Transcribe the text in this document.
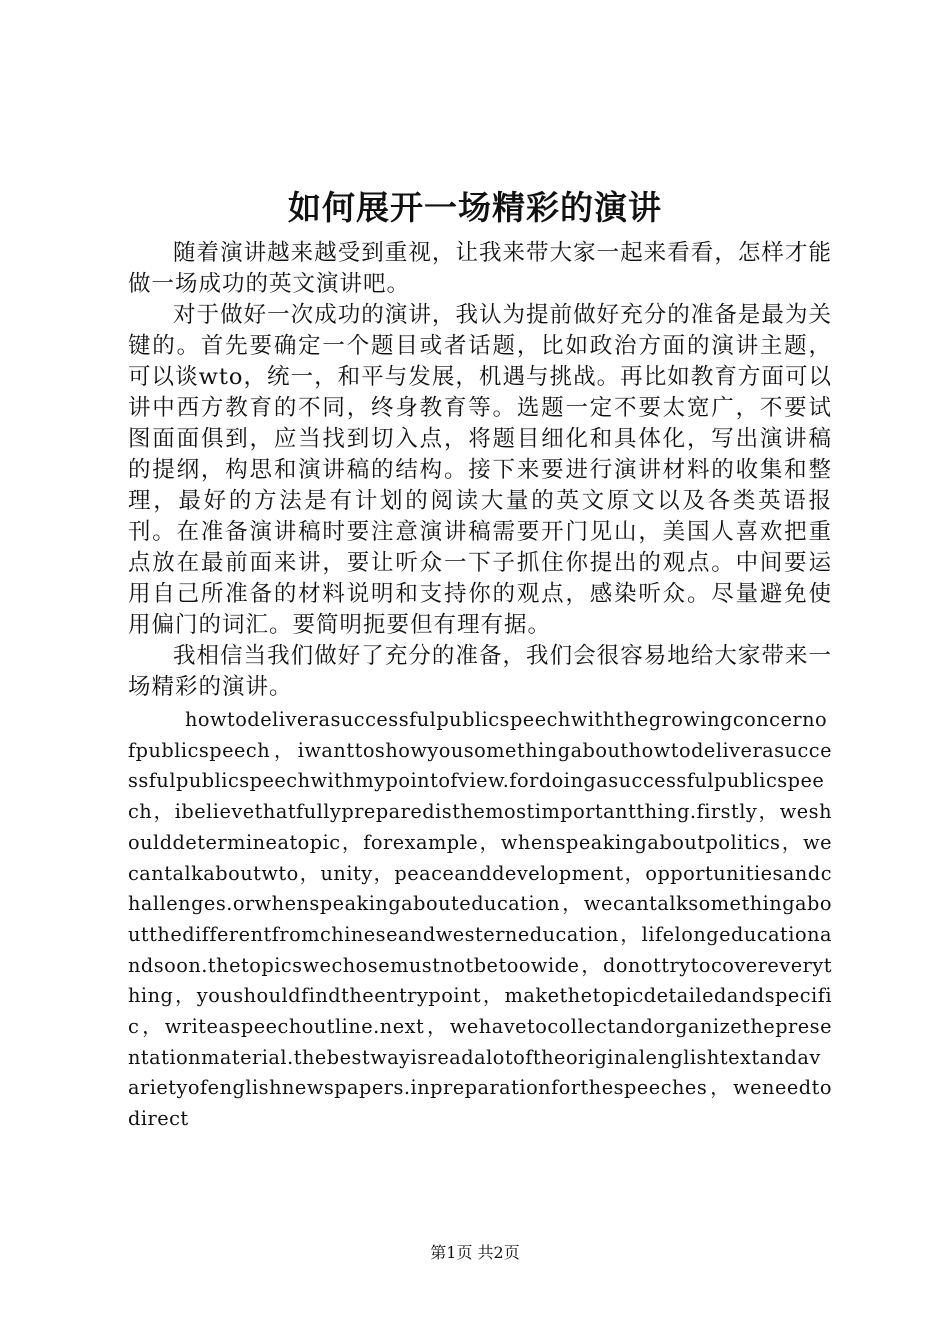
如何展开一场精彩的演讲

随着演讲越来越受到重视，让我来带大家一起来看看，怎样才能做一场成功的英文演讲吧。

对于做好一次成功的演讲，我认为提前做好充分的准备是最为关键的。首先要确定一个题目或者话题，比如政治方面的演讲主题，可以谈wto，统一，和平与发展，机遇与挑战。再比如教育方面可以讲中西方教育的不同，终身教育等。选题一定不要太宽广，不要试图面面俱到，应当找到切入点，将题目细化和具体化，写出演讲稿的提纲，构思和演讲稿的结构。接下来要进行演讲材料的收集和整理，最好的方法是有计划的阅读大量的英文原文以及各类英语报刊。在准备演讲稿时要注意演讲稿需要开门见山，美国人喜欢把重点放在最前面来讲，要让听众一下子抓住你提出的观点。中间要运用自己所准备的材料说明和支持你的观点，感染听众。尽量避免使用偏门的词汇。要简明扼要但有理有据。

我相信当我们做好了充分的准备，我们会很容易地给大家带来一场精彩的演讲。

howtodeliverasuccessfulpublicspeechwiththegrowingconcernofpublicspeech，iwanttoshowyousomethingabouthowtodeliverasuccessfulpublicspeechwithmypointofview.fordoingasuccessfulpublicspeech，ibelievethatfullypreparedisthemostimportantthing.firstly，weshoulddetermineatopic，forexample，whenspeakingaboutpolitics，wecantalkaboutwto，unity，peaceanddevelopment，opportunitiesandchallenges.orwhenspeakingabouteducation，wecantalksomethingaboutthedifferentfromchineseandwesterneducation，lifelongeducationandsoon.thetopicswechosemustnotbetoowide，donottrytocovereverything，youshouldfindtheentrypoint，makethetopicdetailedandspecific，writeaspeechoutline.next，wehavetocollectandorganizethepresentationmaterial.thebestwayisreadalotoftheoriginalenglishtextandavarietyofenglishnewspapers.inpreparationforthespeeches，weneedtodirect

第1页 共2页
